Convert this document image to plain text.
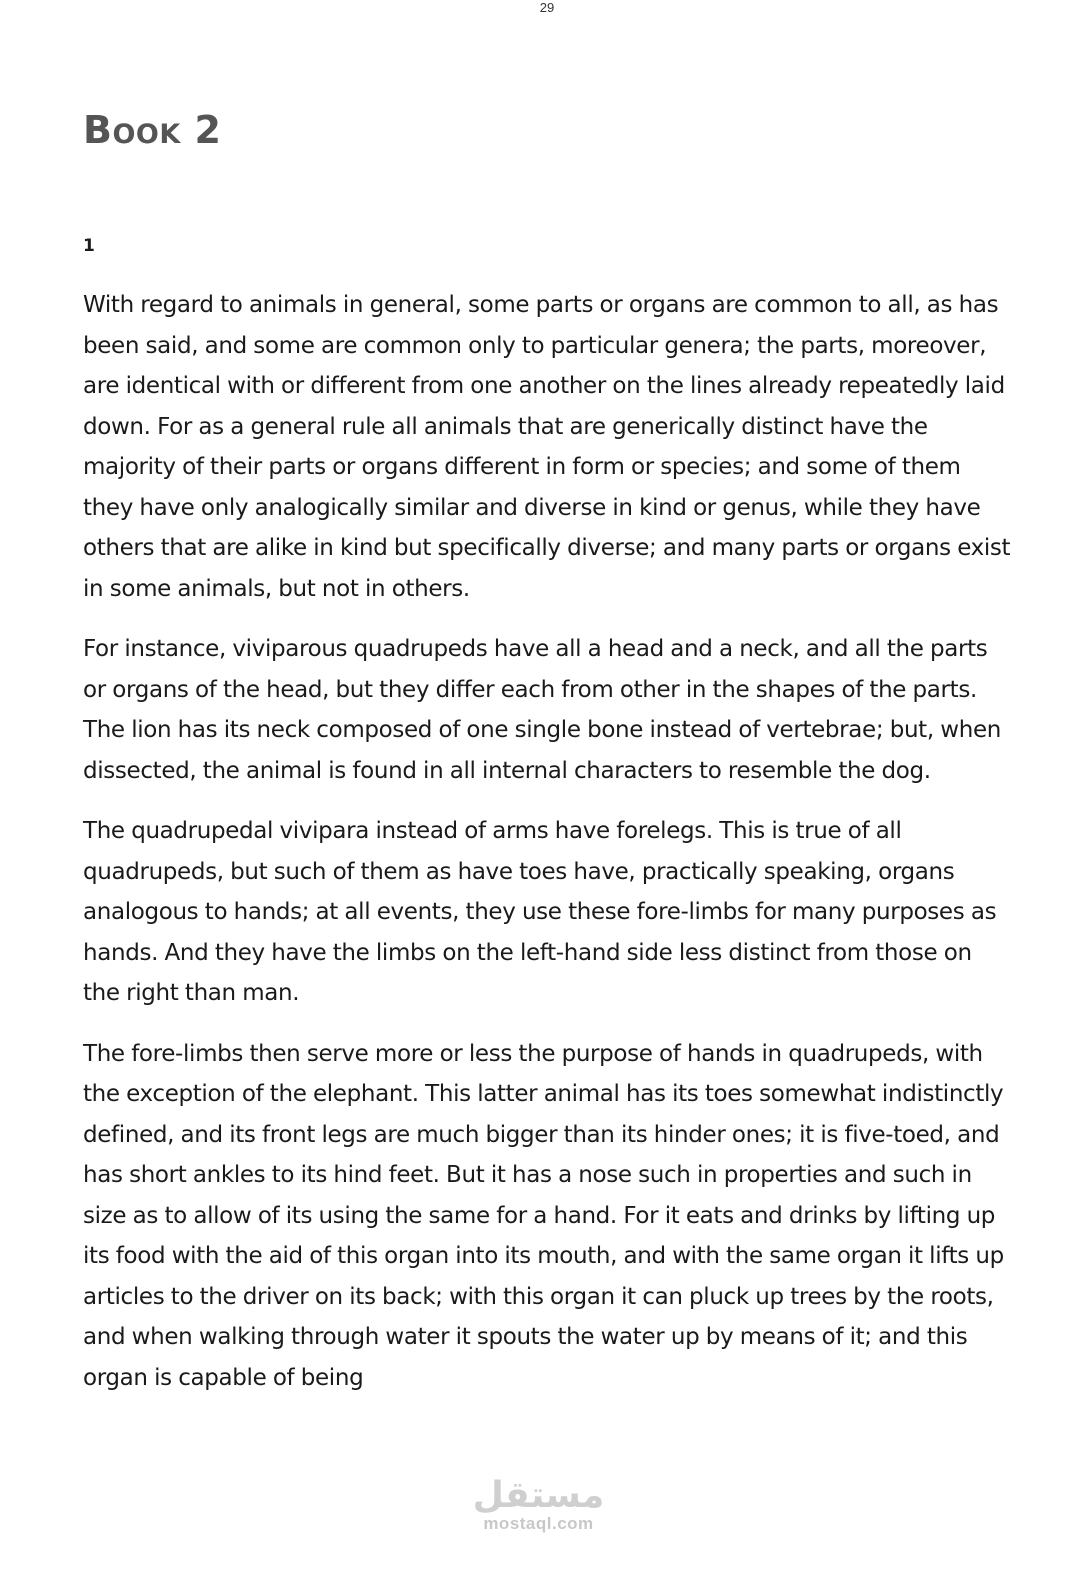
29
Book 2
1

With regard to animals in general, some parts or organs are common to all, as has been said, and some are common only to particular genera; the parts, moreover, are identical with or different from one another on the lines already repeatedly laid down. For as a general rule all animals that are generically distinct have the majority of their parts or organs different in form or species; and some of them they have only analogically similar and diverse in kind or genus, while they have others that are alike in kind but specifically diverse; and many parts or organs exist in some animals, but not in others.

For instance, viviparous quadrupeds have all a head and a neck, and all the parts or organs of the head, but they differ each from other in the shapes of the parts. The lion has its neck composed of one single bone instead of vertebrae; but, when dissected, the animal is found in all internal characters to resemble the dog.

The quadrupedal vivipara instead of arms have forelegs. This is true of all quadrupeds, but such of them as have toes have, practically speaking, organs analogous to hands; at all events, they use these fore-limbs for many purposes as hands. And they have the limbs on the left-hand side less distinct from those on the right than man.

The fore-limbs then serve more or less the purpose of hands in quadrupeds, with the exception of the elephant. This latter animal has its toes somewhat indistinctly defined, and its front legs are much bigger than its hinder ones; it is five-toed, and has short ankles to its hind feet. But it has a nose such in properties and such in size as to allow of its using the same for a hand. For it eats and drinks by lifting up its food with the aid of this organ into its mouth, and with the same organ it lifts up articles to the driver on its back; with this organ it can pluck up trees by the roots, and when walking through water it spouts the water up by means of it; and this organ is capable of being

مستقل
mostaql.com
